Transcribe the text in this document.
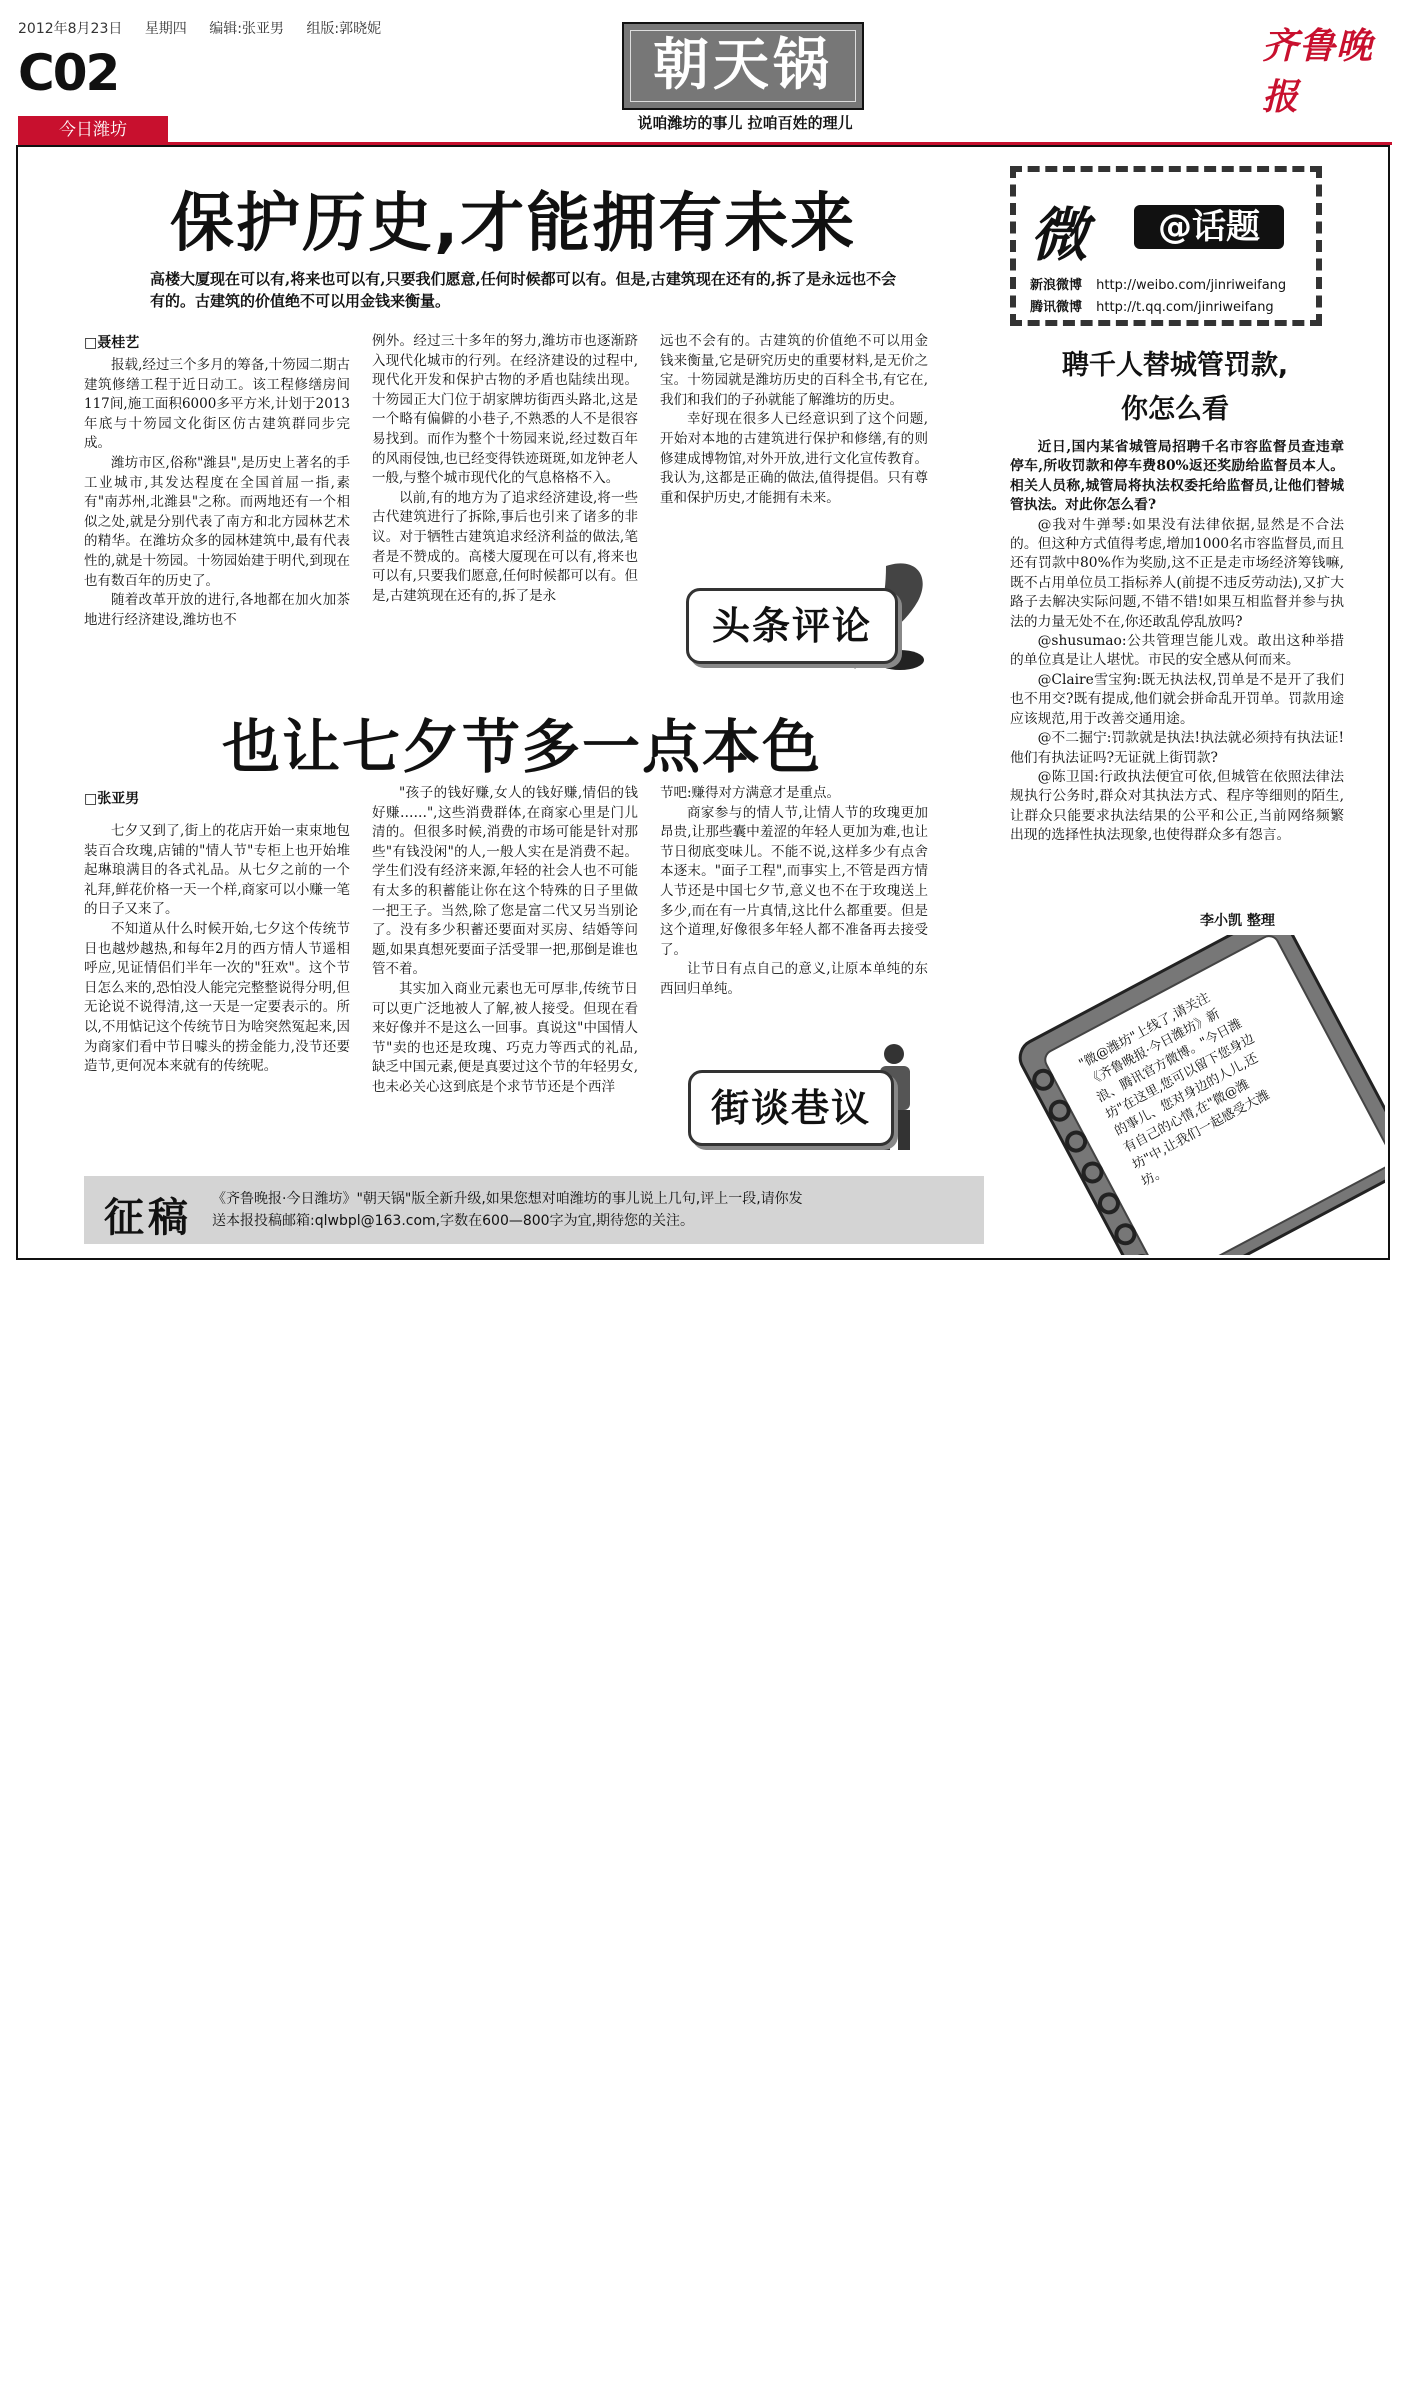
2012年8月23日 星期四 编辑:张亚男 组版:郭晓妮
C02
今日潍坊
朝天锅
说咱潍坊的事儿 拉咱百姓的理儿
齐鲁晚报
保护历史,才能拥有未来
高楼大厦现在可以有,将来也可以有,只要我们愿意,任何时候都可以有。但是,古建筑现在还有的,拆了是永远也不会有的。古建筑的价值绝不可以用金钱来衡量。
□聂桂艺

报载,经过三个多月的筹备,十笏园二期古建筑修缮工程于近日动工。该工程修缮房间117间,施工面积6000多平方米,计划于2013年底与十笏园文化街区仿古建筑群同步完成。

潍坊市区,俗称"潍县",是历史上著名的手工业城市,其发达程度在全国首屈一指,素有"南苏州,北潍县"之称。而两地还有一个相似之处,就是分别代表了南方和北方园林艺术的精华。在潍坊众多的园林建筑中,最有代表性的,就是十笏园。十笏园始建于明代,到现在也有数百年的历史了。

随着改革开放的进行,各地都在加火加茶地进行经济建设,潍坊也不

例外。经过三十多年的努力,潍坊市也逐渐跻入现代化城市的行列。在经济建设的过程中,现代化开发和保护古物的矛盾也陆续出现。十笏园正大门位于胡家牌坊街西头路北,这是一个略有偏僻的小巷子,不熟悉的人不是很容易找到。而作为整个十笏园来说,经过数百年的风雨侵蚀,也已经变得铁迹斑斑,如龙钟老人一般,与整个城市现代化的气息格格不入。

以前,有的地方为了追求经济建设,将一些古代建筑进行了拆除,事后也引来了诸多的非议。对于牺牲古建筑追求经济利益的做法,笔者是不赞成的。高楼大厦现在可以有,将来也可以有,只要我们愿意,任何时候都可以有。但是,古建筑现在还有的,拆了是永

远也不会有的。古建筑的价值绝不可以用金钱来衡量,它是研究历史的重要材料,是无价之宝。十笏园就是潍坊历史的百科全书,有它在,我们和我们的子孙就能了解潍坊的历史。

幸好现在很多人已经意识到了这个问题,开始对本地的古建筑进行保护和修缮,有的则修建成博物馆,对外开放,进行文化宣传教育。我认为,这都是正确的做法,值得提倡。只有尊重和保护历史,才能拥有未来。

头条评论
也让七夕节多一点本色
□张亚男

七夕又到了,街上的花店开始一束束地包装百合玫瑰,店铺的"情人节"专柜上也开始堆起琳琅满目的各式礼品。从七夕之前的一个礼拜,鲜花价格一天一个样,商家可以小赚一笔的日子又来了。

不知道从什么时候开始,七夕这个传统节日也越炒越热,和每年2月的西方情人节遥相呼应,见证情侣们半年一次的"狂欢"。这个节日怎么来的,恐怕没人能完完整整说得分明,但无论说不说得清,这一天是一定要表示的。所以,不用惦记这个传统节日为啥突然冤起来,因为商家们看中节日噱头的捞金能力,没节还要造节,更何况本来就有的传统呢。

"孩子的钱好赚,女人的钱好赚,情侣的钱好赚……",这些消费群体,在商家心里是门儿清的。但很多时候,消费的市场可能是针对那些"有钱没闲"的人,一般人实在是消费不起。学生们没有经济来源,年轻的社会人也不可能有太多的积蓄能让你在这个特殊的日子里做一把王子。当然,除了您是富二代又另当别论了。没有多少积蓄还要面对买房、结婚等问题,如果真想死要面子活受罪一把,那倒是谁也管不着。

其实加入商业元素也无可厚非,传统节日可以更广泛地被人了解,被人接受。但现在看来好像并不是这么一回事。真说这"中国情人节"卖的也还是玫瑰、巧克力等西式的礼品,缺乏中国元素,便是真要过这个节的年轻男女,也未必关心这到底是个求节节还是个西洋

节吧:赚得对方满意才是重点。

商家参与的情人节,让情人节的玫瑰更加昂贵,让那些囊中羞涩的年轻人更加为难,也让节日彻底变味儿。不能不说,这样多少有点舍本逐末。"面子工程",而事实上,不管是西方情人节还是中国七夕节,意义也不在于玫瑰送上多少,而在有一片真情,这比什么都重要。但是这个道理,好像很多年轻人都不准备再去接受了。

让节日有点自己的意义,让原本单纯的东西回归单纯。

街谈巷议
微	@话题
新浪微博 http://weibo.com/jinriweifang
腾讯微博 http://t.qq.com/jinriweifang
聘千人替城管罚款,
你怎么看

近日,国内某省城管局招聘千名市容监督员查违章停车,所收罚款和停车费80%返还奖励给监督员本人。相关人员称,城管局将执法权委托给监督员,让他们替城管执法。对此你怎么看?

@我对牛弹琴:如果没有法律依据,显然是不合法的。但这种方式值得考虑,增加1000名市容监督员,而且还有罚款中80%作为奖励,这不正是走市场经济筹钱嘛,既不占用单位员工指标养人(前提不违反劳动法),又扩大路子去解决实际问题,不错不错!如果互相监督并参与执法的力量无处不在,你还敢乱停乱放吗?

@shusumao:公共管理岂能儿戏。敢出这种举措的单位真是让人堪忧。市民的安全感从何而来。

@Claire雪宝狗:既无执法权,罚单是不是开了我们也不用交?既有提成,他们就会拼命乱开罚单。罚款用途应该规范,用于改善交通用途。

@不二掘宁:罚款就是执法!执法就必须持有执法证!他们有执法证吗?无证就上街罚款?

@陈卫国:行政执法便宜可依,但城管在依照法律法规执行公务时,群众对其执法方式、程序等细则的陌生,让群众只能要求执法结果的公平和公正,当前网络频繁出现的选择性执法现象,也使得群众多有怨言。

李小凯 整理
"微@潍坊"上线了,请关注《齐鲁晚报·今日潍坊》新浪、腾讯官方微博。"今日潍坊"在这里,您可以留下您身边的事儿、您对身边的人儿,还有自己的心情,在"微@潍坊"中,让我们一起感受大潍坊。
征稿 《齐鲁晚报·今日潍坊》"朝天锅"版全新升级,如果您想对咱潍坊的事儿说上几句,评上一段,请你发
送本报投稿邮箱:qlwbpl@163.com,字数在600—800字为宜,期待您的关注。
